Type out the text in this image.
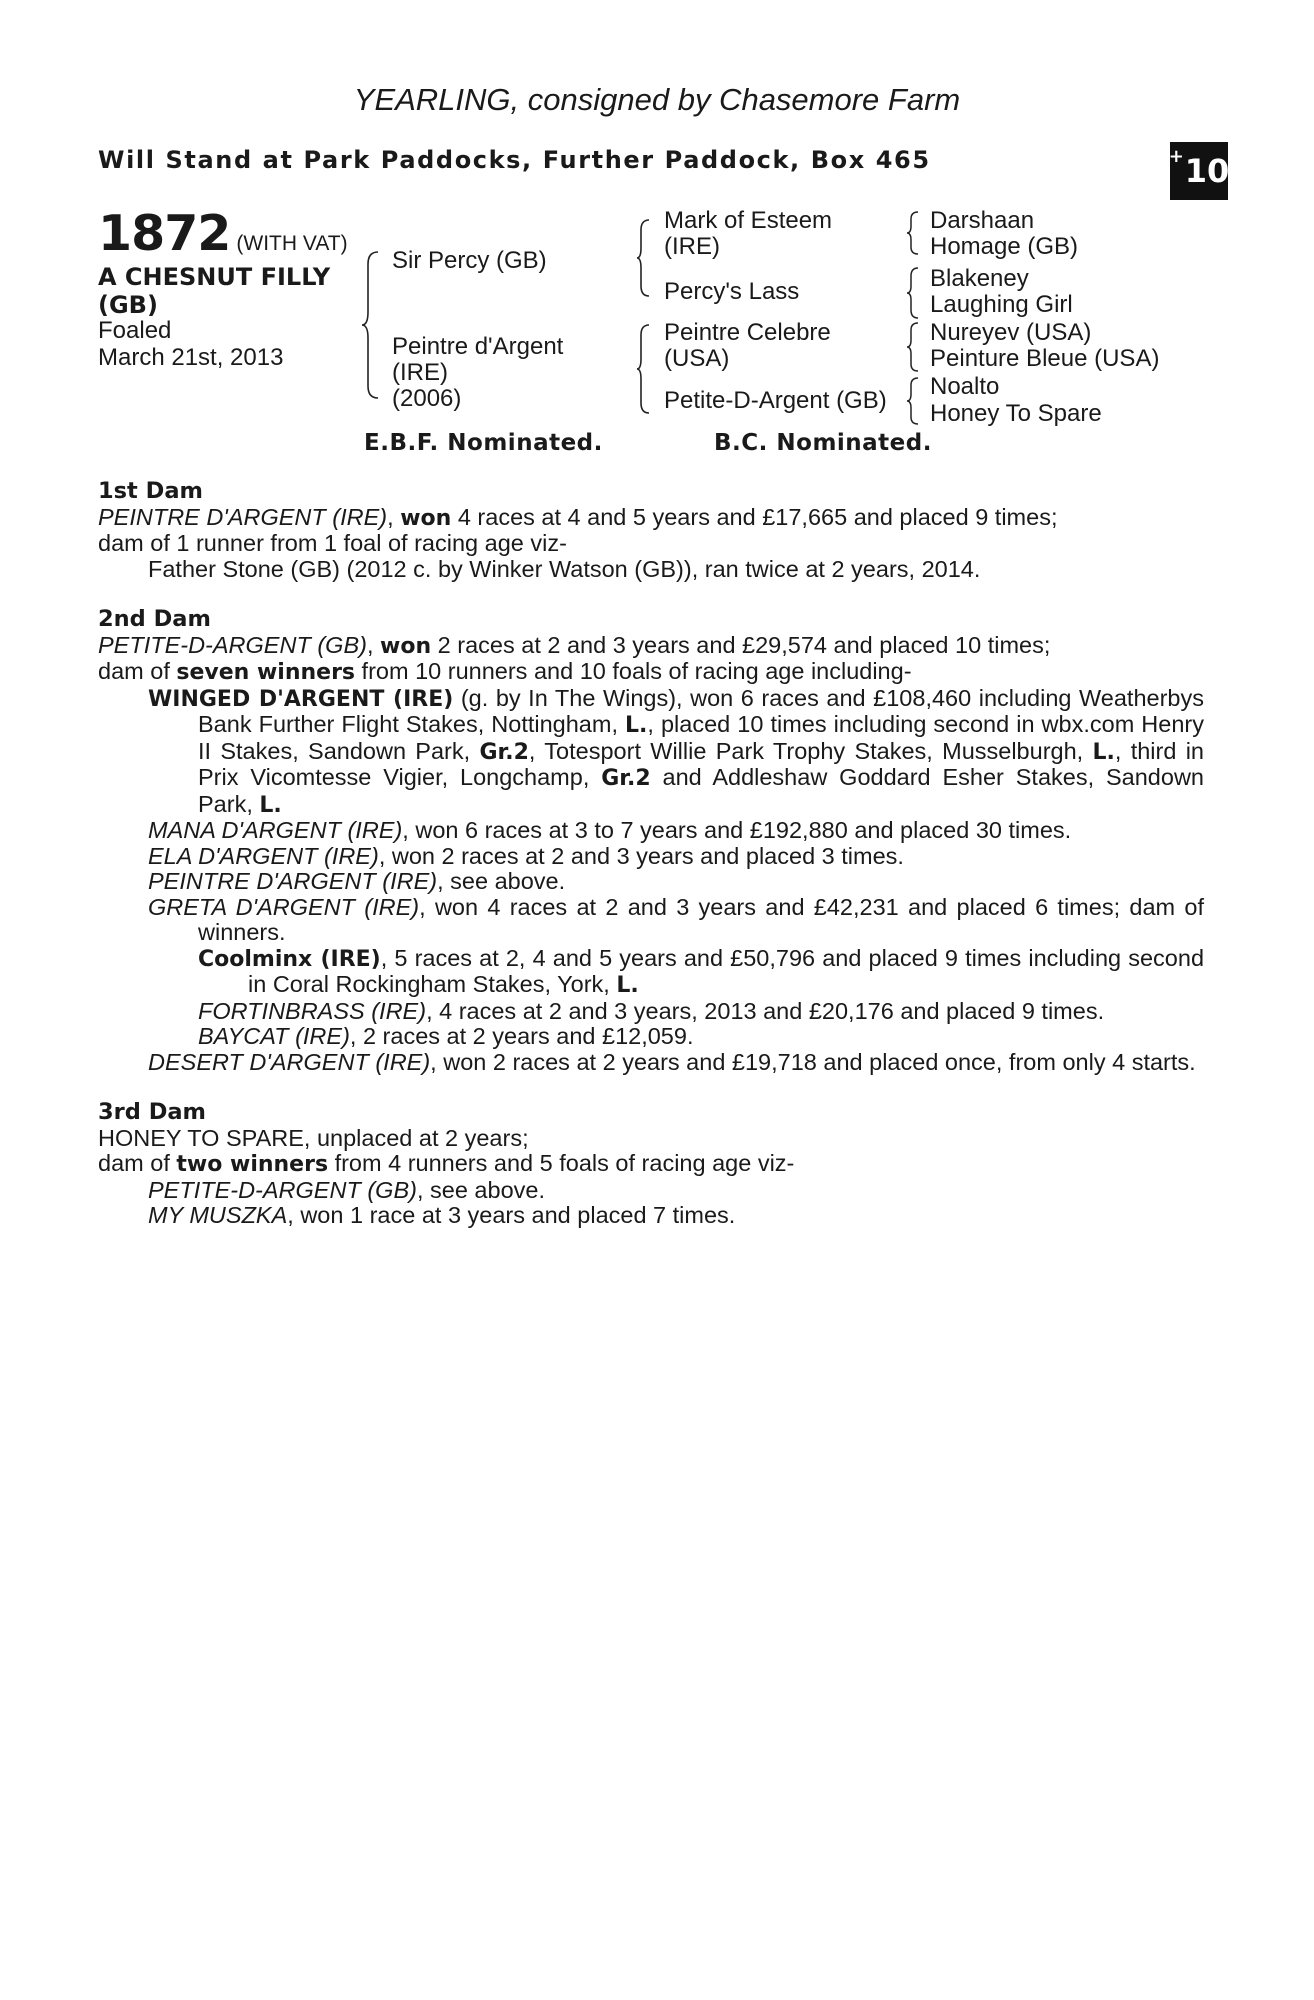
YEARLING, consigned by Chasemore Farm
Will Stand at Park Paddocks, Further Paddock, Box 465	+ 10
1872 (WITH VAT)
A CHESNUT FILLY (GB)
Foaled
March 21st, 2013
Sir Percy (GB)
Peintre d'Argent
(IRE)
(2006)
Mark of Esteem
(IRE)
Percy's Lass
Peintre Celebre
(USA)
Petite-D-Argent (GB)
Darshaan
Homage (GB)
Blakeney
Laughing Girl
Nureyev (USA)
Peinture Bleue (USA)
Noalto
Honey To Spare
E.B.F. Nominated.	B.C. Nominated.

1st Dam

PEINTRE D'ARGENT (IRE), won 4 races at 4 and 5 years and £17,665 and placed 9 times;

dam of 1 runner from 1 foal of racing age viz-

Father Stone (GB) (2012 c. by Winker Watson (GB)), ran twice at 2 years, 2014.

2nd Dam

PETITE-D-ARGENT (GB), won 2 races at 2 and 3 years and £29,574 and placed 10 times;

dam of seven winners from 10 runners and 10 foals of racing age including-

WINGED D'ARGENT (IRE) (g. by In The Wings), won 6 races and £108,460 including Weatherbys Bank Further Flight Stakes, Nottingham, L., placed 10 times including second in wbx.com Henry II Stakes, Sandown Park, Gr.2, Totesport Willie Park Trophy Stakes, Musselburgh, L., third in Prix Vicomtesse Vigier, Longchamp, Gr.2 and Addleshaw Goddard Esher Stakes, Sandown Park, L.

MANA D'ARGENT (IRE), won 6 races at 3 to 7 years and £192,880 and placed 30 times.

ELA D'ARGENT (IRE), won 2 races at 2 and 3 years and placed 3 times.

PEINTRE D'ARGENT (IRE), see above.

GRETA D'ARGENT (IRE), won 4 races at 2 and 3 years and £42,231 and placed 6 times; dam of winners.

Coolminx (IRE), 5 races at 2, 4 and 5 years and £50,796 and placed 9 times including second in Coral Rockingham Stakes, York, L.

FORTINBRASS (IRE), 4 races at 2 and 3 years, 2013 and £20,176 and placed 9 times.

BAYCAT (IRE), 2 races at 2 years and £12,059.

DESERT D'ARGENT (IRE), won 2 races at 2 years and £19,718 and placed once, from only 4 starts.

3rd Dam

HONEY TO SPARE, unplaced at 2 years;

dam of two winners from 4 runners and 5 foals of racing age viz-

PETITE-D-ARGENT (GB), see above.

MY MUSZKA, won 1 race at 3 years and placed 7 times.
